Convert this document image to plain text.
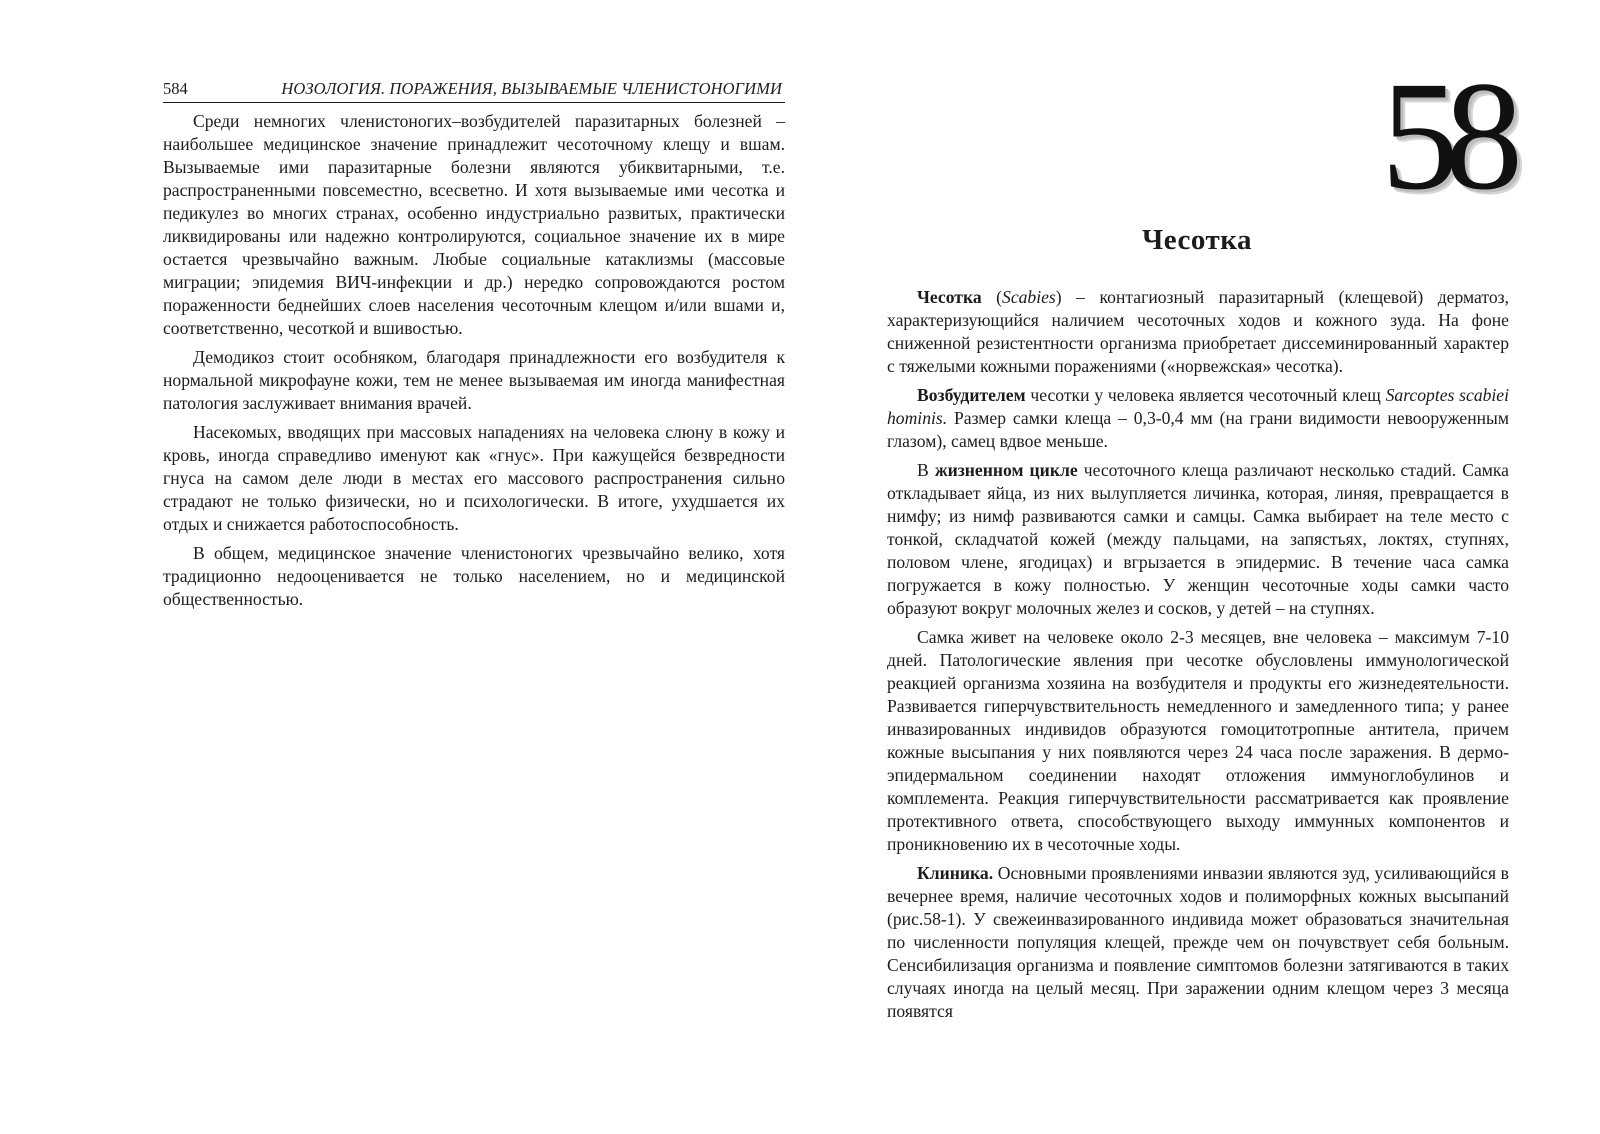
584	НОЗОЛОГИЯ. ПОРАЖЕНИЯ, ВЫЗЫВАЕМЫЕ ЧЛЕНИСТОНОГИМИ

Среди немногих членистоногих–возбудителей паразитарных болезней – наибольшее медицинское значение принадлежит чесоточному клещу и вшам. Вызываемые ими паразитарные болезни являются убиквитарными, т.е. распространенными повсеместно, всесветно. И хотя вызываемые ими чесотка и педикулез во многих странах, особенно индустриально развитых, практически ликвидированы или надежно контролируются, социальное значение их в мире остается чрезвычайно важным. Любые социальные катаклизмы (массовые миграции; эпидемия ВИЧ-инфекции и др.) нередко сопровождаются ростом пораженности беднейших слоев населения чесоточным клещом и/или вшами и, соответственно, чесоткой и вшивостью.

Демодикоз стоит особняком, благодаря принадлежности его возбудителя к нормальной микрофауне кожи, тем не менее вызываемая им иногда манифестная патология заслуживает внимания врачей.

Насекомых, вводящих при массовых нападениях на человека слюну в кожу и кровь, иногда справедливо именуют как «гнус». При кажущейся безвредности гнуса на самом деле люди в местах его массового распространения сильно страдают не только физически, но и психологически. В итоге, ухудшается их отдых и снижается работоспособность.

В общем, медицинское значение членистоногих чрезвычайно велико, хотя традиционно недооценивается не только населением, но и медицинской общественностью.

58
Чесотка

Чесотка (Scabies) – контагиозный паразитарный (клещевой) дерматоз, характеризующийся наличием чесоточных ходов и кожного зуда. На фоне сниженной резистентности организма приобретает диссеминированный характер с тяжелыми кожными поражениями («норвежская» чесотка).

Возбудителем чесотки у человека является чесоточный клещ Sarcoptes scabiei hominis. Размер самки клеща – 0,3-0,4 мм (на грани видимости невооруженным глазом), самец вдвое меньше.

В жизненном цикле чесоточного клеща различают несколько стадий. Самка откладывает яйца, из них вылупляется личинка, которая, линяя, превращается в нимфу; из нимф развиваются самки и самцы. Самка выбирает на теле место с тонкой, складчатой кожей (между пальцами, на запястьях, локтях, ступнях, половом члене, ягодицах) и вгрызается в эпидермис. В течение часа самка погружается в кожу полностью. У женщин чесоточные ходы самки часто образуют вокруг молочных желез и сосков, у детей – на ступнях.

Самка живет на человеке около 2-3 месяцев, вне человека – максимум 7-10 дней. Патологические явления при чесотке обусловлены иммунологической реакцией организма хозяина на возбудителя и продукты его жизнедеятельности. Развивается гиперчувствительность немедленного и замедленного типа; у ранее инвазированных индивидов образуются гомоцитотропные антитела, причем кожные высыпания у них появляются через 24 часа после заражения. В дермо-эпидермальном соединении находят отложения иммуноглобулинов и комплемента. Реакция гиперчувствительности рассматривается как проявление протективного ответа, способствующего выходу иммунных компонентов и проникновению их в чесоточные ходы.

Клиника. Основными проявлениями инвазии являются зуд, усиливающийся в вечернее время, наличие чесоточных ходов и полиморфных кожных высыпаний (рис.58-1). У свежеинвазированного индивида может образоваться значительная по численности популяция клещей, прежде чем он почувствует себя больным. Сенсибилизация организма и появление симптомов болезни затягиваются в таких случаях иногда на целый месяц. При заражении одним клещом через 3 месяца появятся
